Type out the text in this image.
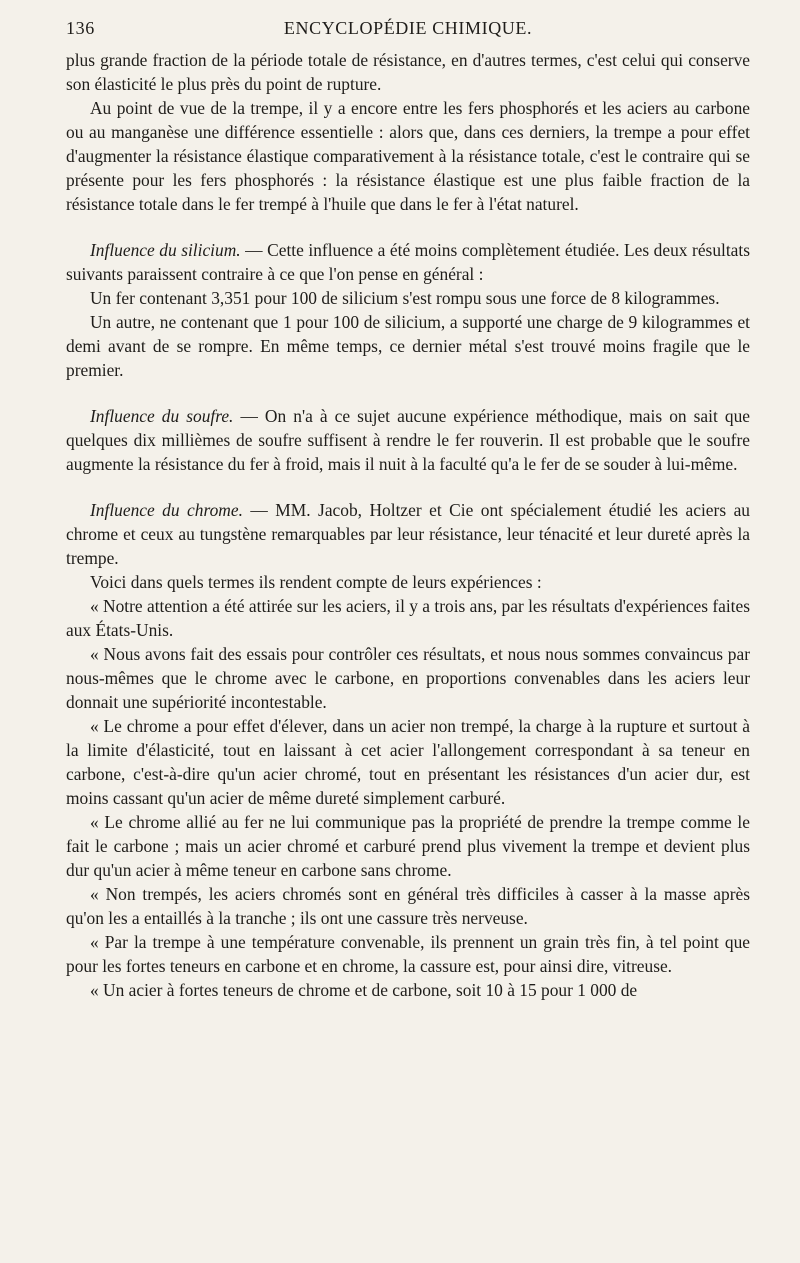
136	ENCYCLOPÉDIE CHIMIQUE.

plus grande fraction de la période totale de résistance, en d'autres termes, c'est celui qui conserve son élasticité le plus près du point de rupture.

Au point de vue de la trempe, il y a encore entre les fers phosphorés et les aciers au carbone ou au manganèse une différence essentielle : alors que, dans ces derniers, la trempe a pour effet d'augmenter la résistance élastique comparativement à la résistance totale, c'est le contraire qui se présente pour les fers phosphorés : la résistance élastique est une plus faible fraction de la résistance totale dans le fer trempé à l'huile que dans le fer à l'état naturel.

Influence du silicium. — Cette influence a été moins complètement étudiée. Les deux résultats suivants paraissent contraire à ce que l'on pense en général :

Un fer contenant 3,351 pour 100 de silicium s'est rompu sous une force de 8 kilogrammes.

Un autre, ne contenant que 1 pour 100 de silicium, a supporté une charge de 9 kilogrammes et demi avant de se rompre. En même temps, ce dernier métal s'est trouvé moins fragile que le premier.

Influence du soufre. — On n'a à ce sujet aucune expérience méthodique, mais on sait que quelques dix millièmes de soufre suffisent à rendre le fer rouverin. Il est probable que le soufre augmente la résistance du fer à froid, mais il nuit à la faculté qu'a le fer de se souder à lui-même.

Influence du chrome. — MM. Jacob, Holtzer et Cie ont spécialement étudié les aciers au chrome et ceux au tungstène remarquables par leur résistance, leur ténacité et leur dureté après la trempe.

Voici dans quels termes ils rendent compte de leurs expériences :

« Notre attention a été attirée sur les aciers, il y a trois ans, par les résultats d'expériences faites aux États-Unis.

« Nous avons fait des essais pour contrôler ces résultats, et nous nous sommes convaincus par nous-mêmes que le chrome avec le carbone, en proportions convenables dans les aciers leur donnait une supériorité incontestable.

« Le chrome a pour effet d'élever, dans un acier non trempé, la charge à la rupture et surtout à la limite d'élasticité, tout en laissant à cet acier l'allongement correspondant à sa teneur en carbone, c'est-à-dire qu'un acier chromé, tout en présentant les résistances d'un acier dur, est moins cassant qu'un acier de même dureté simplement carburé.

« Le chrome allié au fer ne lui communique pas la propriété de prendre la trempe comme le fait le carbone ; mais un acier chromé et carburé prend plus vivement la trempe et devient plus dur qu'un acier à même teneur en carbone sans chrome.

« Non trempés, les aciers chromés sont en général très difficiles à casser à la masse après qu'on les a entaillés à la tranche ; ils ont une cassure très nerveuse.

« Par la trempe à une température convenable, ils prennent un grain très fin, à tel point que pour les fortes teneurs en carbone et en chrome, la cassure est, pour ainsi dire, vitreuse.

« Un acier à fortes teneurs de chrome et de carbone, soit 10 à 15 pour 1 000 de
